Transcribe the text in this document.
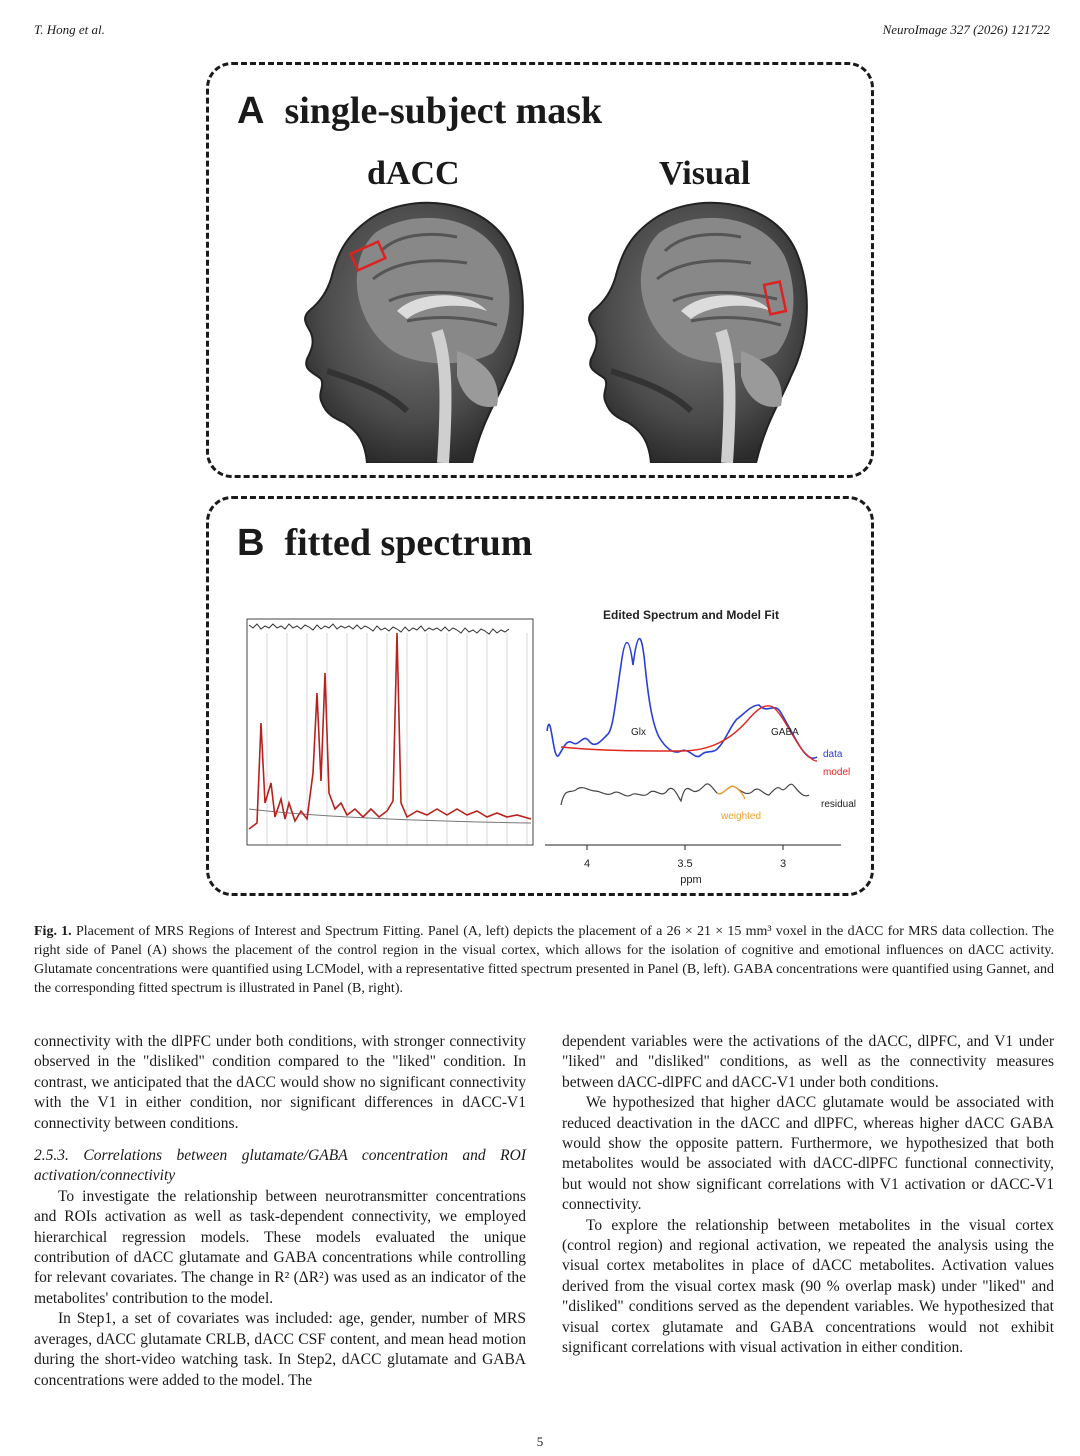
T. Hong et al.	NeuroImage 327 (2026) 121722
A single-subject mask
dACC	Visual
B fitted spectrum
Edited Spectrum and Model Fit
Glx	GABA
data
model
residual
weighted
4	3.5	3
ppm

Fig. 1. Placement of MRS Regions of Interest and Spectrum Fitting. Panel (A, left) depicts the placement of a 26 × 21 × 15 mm³ voxel in the dACC for MRS data collection. The right side of Panel (A) shows the placement of the control region in the visual cortex, which allows for the isolation of cognitive and emotional influences on dACC activity. Glutamate concentrations were quantified using LCModel, with a representative fitted spectrum presented in Panel (B, left). GABA concentrations were quantified using Gannet, and the corresponding fitted spectrum is illustrated in Panel (B, right).

connectivity with the dlPFC under both conditions, with stronger connectivity observed in the "disliked" condition compared to the "liked" condition. In contrast, we anticipated that the dACC would show no significant connectivity with the V1 in either condition, nor significant differences in dACC-V1 connectivity between conditions.

2.5.3. Correlations between glutamate/GABA concentration and ROI activation/connectivity

To investigate the relationship between neurotransmitter concentrations and ROIs activation as well as task-dependent connectivity, we employed hierarchical regression models. These models evaluated the unique contribution of dACC glutamate and GABA concentrations while controlling for relevant covariates. The change in R² (ΔR²) was used as an indicator of the metabolites' contribution to the model.

In Step1, a set of covariates was included: age, gender, number of MRS averages, dACC glutamate CRLB, dACC CSF content, and mean head motion during the short-video watching task. In Step2, dACC glutamate and GABA concentrations were added to the model. The

dependent variables were the activations of the dACC, dlPFC, and V1 under "liked" and "disliked" conditions, as well as the connectivity measures between dACC-dlPFC and dACC-V1 under both conditions.

We hypothesized that higher dACC glutamate would be associated with reduced deactivation in the dACC and dlPFC, whereas higher dACC GABA would show the opposite pattern. Furthermore, we hypothesized that both metabolites would be associated with dACC-dlPFC functional connectivity, but would not show significant correlations with V1 activation or dACC-V1 connectivity.

To explore the relationship between metabolites in the visual cortex (control region) and regional activation, we repeated the analysis using the visual cortex metabolites in place of dACC metabolites. Activation values derived from the visual cortex mask (90 % overlap mask) under "liked" and "disliked" conditions served as the dependent variables. We hypothesized that visual cortex glutamate and GABA concentrations would not exhibit significant correlations with visual activation in either condition.

5
